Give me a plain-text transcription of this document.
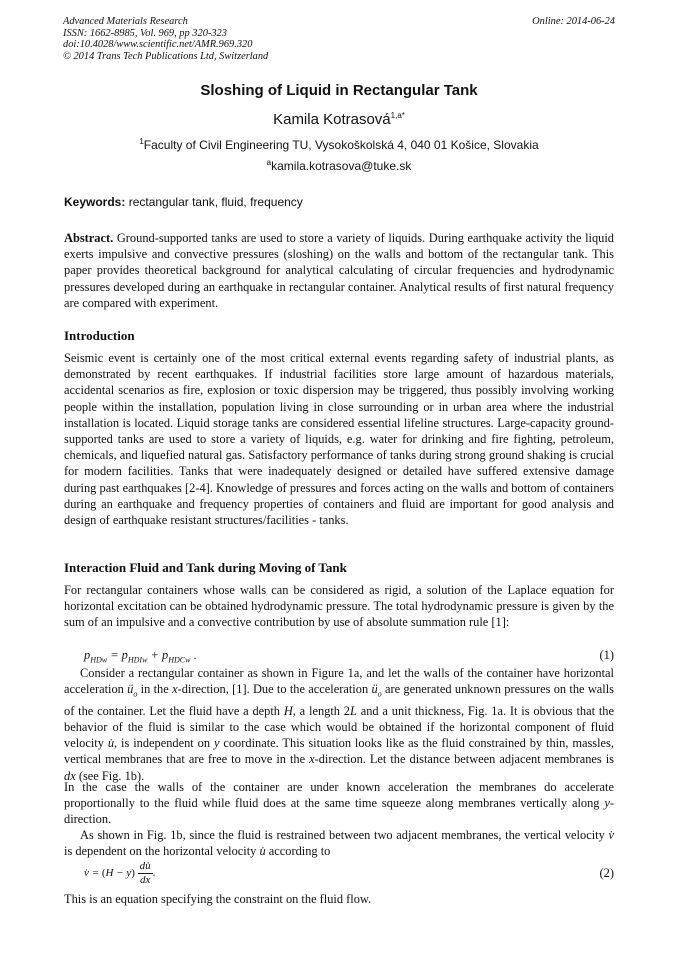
Advanced Materials Research
ISSN: 1662-8985, Vol. 969, pp 320-323
doi:10.4028/www.scientific.net/AMR.969.320
© 2014 Trans Tech Publications Ltd, Switzerland
Online: 2014-06-24
Sloshing of Liquid in Rectangular Tank
Kamila Kotrasová$^{1,a*}$
$^1$Faculty of Civil Engineering TU, Vysokoškolská 4, 040 01 Košice, Slovakia
$^a$kamila.kotrasova@tuke.sk
Keywords: rectangular tank, fluid, frequency
Abstract. Ground-supported tanks are used to store a variety of liquids. During earthquake activity the liquid exerts impulsive and convective pressures (sloshing) on the walls and bottom of the rectangular tank. This paper provides theoretical background for analytical calculating of circular frequencies and hydrodynamic pressures developed during an earthquake in rectangular container. Analytical results of first natural frequency are compared with experiment.
Introduction
Seismic event is certainly one of the most critical external events regarding safety of industrial plants, as demonstrated by recent earthquakes. If industrial facilities store large amount of hazardous materials, accidental scenarios as fire, explosion or toxic dispersion may be triggered, thus possibly involving working people within the installation, population living in close surrounding or in urban area where the industrial installation is located. Liquid storage tanks are considered essential lifeline structures. Large-capacity ground-supported tanks are used to store a variety of liquids, e.g. water for drinking and fire fighting, petroleum, chemicals, and liquefied natural gas. Satisfactory performance of tanks during strong ground shaking is crucial for modern facilities. Tanks that were inadequately designed or detailed have suffered extensive damage during past earthquakes [2-4]. Knowledge of pressures and forces acting on the walls and bottom of containers during an earthquake and frequency properties of containers and fluid are important for good analysis and design of earthquake resistant structures/facilities - tanks.
Interaction Fluid and Tank during Moving of Tank
For rectangular containers whose walls can be considered as rigid, a solution of the Laplace equation for horizontal excitation can be obtained hydrodynamic pressure. The total hydrodynamic pressure is given by the sum of an impulsive and a convective contribution by use of absolute summation rule [1]:
$p_{HDw} = p_{HDIw} + p_{HDCw}$ .	(1)
Consider a rectangular container as shown in Figure 1a, and let the walls of the container have horizontal acceleration $ü_o$ in the x-direction, [1]. Due to the acceleration $ü_o$ are generated unknown pressures on the walls of the container. Let the fluid have a depth H, a length 2L and a unit thickness, Fig. 1a. It is obvious that the behavior of the fluid is similar to the case which would be obtained if the horizontal component of fluid velocity u̇, is independent on y coordinate. This situation looks like as the fluid constrained by thin, massles, vertical membranes that are free to move in the x-direction. Let the distance between adjacent membranes is dx (see Fig. 1b).
In the case the walls of the container are under known acceleration the membranes do accelerate proportionally to the fluid while fluid does at the same time squeeze along membranes vertically along y-direction.
As shown in Fig. 1b, since the fluid is restrained between two adjacent membranes, the vertical velocity v̇ is dependent on the horizontal velocity u̇ according to
v̇ = $(H - y) \frac{du̇}{dx}$ .	(2)
This is an equation specifying the constraint on the fluid flow.
